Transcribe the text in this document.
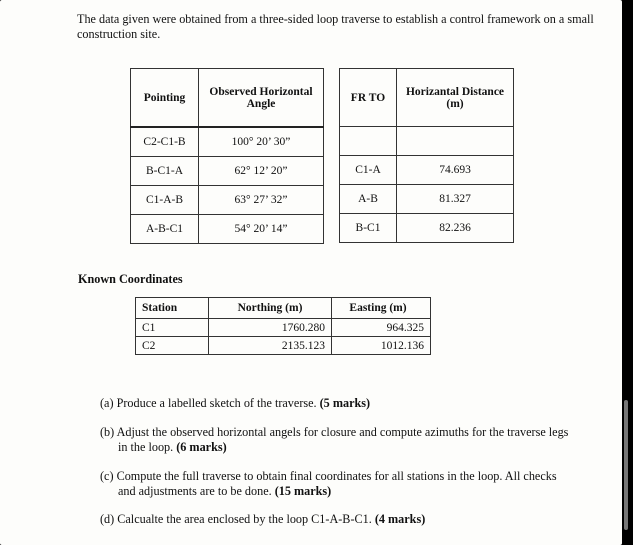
The data given were obtained from a three-sided loop traverse to establish a control framework on a small construction site.
Pointing	Observed Horizontal Angle
C2-C1-B	100° 20’ 30”
B-C1-A	62° 12’ 20”
C1-A-B	63° 27’ 32”
A-B-C1	54° 20’ 14”
FR TO	Horizantal Distance (m)

C1-A	74.693
A-B	81.327
B-C1	82.236
Known Coordinates
Station	Northing (m)	Easting (m)
C1	1760.280	964.325
C2	2135.123	1012.136
(a) Produce a labelled sketch of the traverse. (5 marks)
(b) Adjust the observed horizontal angels for closure and compute azimuths for the traverse legs in the loop. (6 marks)
(c) Compute the full traverse to obtain final coordinates for all stations in the loop. All checks and adjustments are to be done. (15 marks)
(d) Calcualte the area enclosed by the loop C1-A-B-C1. (4 marks)
